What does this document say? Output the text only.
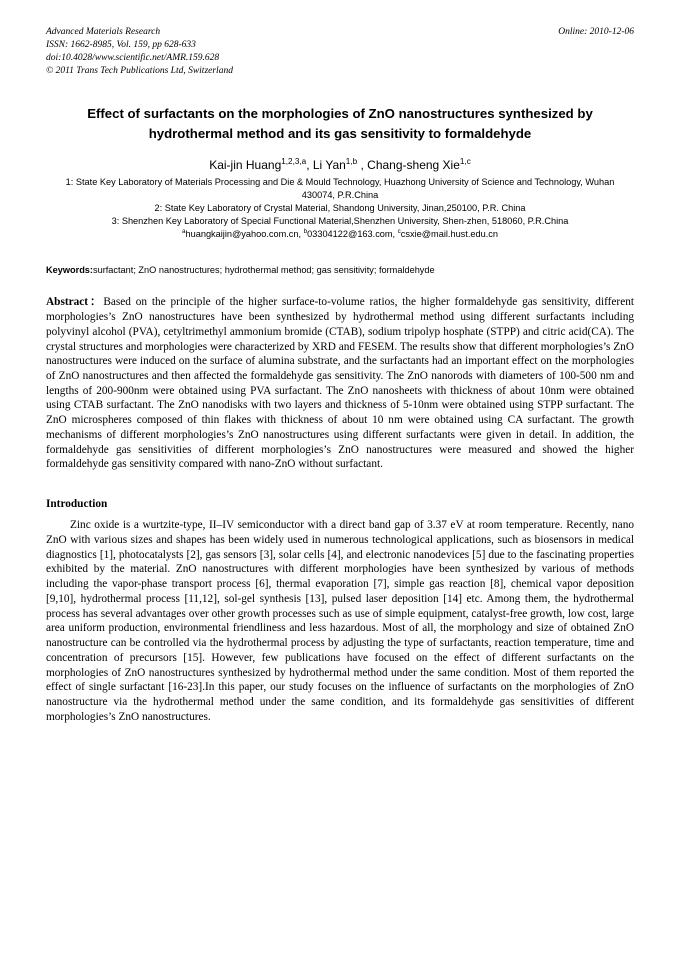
Advanced Materials Research	Online: 2010-12-06
ISSN: 1662-8985, Vol. 159, pp 628-633
doi:10.4028/www.scientific.net/AMR.159.628
© 2011 Trans Tech Publications Ltd, Switzerland
Effect of surfactants on the morphologies of ZnO nanostructures synthesized by hydrothermal method and its gas sensitivity to formaldehyde
Kai-jin Huang$^{1,2,3,a}$, Li Yan$^{1,b}$ , Chang-sheng Xie$^{1,c}$
1: State Key Laboratory of Materials Processing and Die & Mould Technology, Huazhong University of Science and Technology, Wuhan 430074, P.R.China
2: State Key Laboratory of Crystal Material, Shandong University, Jinan,250100, P.R. China
3: Shenzhen Key Laboratory of Special Functional Material,Shenzhen University, Shen-zhen, 518060, P.R.China
$^a$huangkaijin@yahoo.com.cn, $^b$03304122@163.com, $^c$csxie@mail.hust.edu.cn
Keywords:surfactant; ZnO nanostructures; hydrothermal method; gas sensitivity; formaldehyde
Abstract：Based on the principle of the higher surface-to-volume ratios, the higher formaldehyde gas sensitivity, different morphologies’s ZnO nanostructures have been synthesized by hydrothermal method using different surfactants including polyvinyl alcohol (PVA), cetyltrimethyl ammonium bromide (CTAB), sodium tripolyp hosphate (STPP) and citric acid(CA). The crystal structures and morphologies were characterized by XRD and FESEM. The results show that different morphologies’s ZnO nanostructures were induced on the surface of alumina substrate, and the surfactants had an important effect on the morphologies of ZnO nanostructures and then affected the formaldehyde gas sensitivity. The ZnO nanorods with diameters of 100-500 nm and lengths of 200-900nm were obtained using PVA surfactant. The ZnO nanosheets with thickness of about 10nm were obtained using CTAB surfactant. The ZnO nanodisks with two layers and thickness of 5-10nm were obtained using STPP surfactant. The ZnO microspheres composed of thin flakes with thickness of about 10 nm were obtained using CA surfactant. The growth mechanisms of different morphologies’s ZnO nanostructures using different surfactants were given in detail. In addition, the formaldehyde gas sensitivities of different morphologies’s ZnO nanostructures were measured and showed the higher formaldehyde gas sensitivity compared with nano-ZnO without surfactant.
Introduction
Zinc oxide is a wurtzite-type, II–IV semiconductor with a direct band gap of 3.37 eV at room temperature. Recently, nano ZnO with various sizes and shapes has been widely used in numerous technological applications, such as biosensors in medical diagnostics [1], photocatalysts [2], gas sensors [3], solar cells [4], and electronic nanodevices [5] due to the fascinating properties exhibited by the material. ZnO nanostructures with different morphologies have been synthesized by various of methods including the vapor-phase transport process [6], thermal evaporation [7], simple gas reaction [8], chemical vapor deposition [9,10], hydrothermal process [11,12], sol-gel synthesis [13], pulsed laser deposition [14] etc. Among them, the hydrothermal process has several advantages over other growth processes such as use of simple equipment, catalyst-free growth, low cost, large area uniform production, environmental friendliness and less hazardous. Most of all, the morphology and size of obtained ZnO nanostructure can be controlled via the hydrothermal process by adjusting the type of surfactants, reaction temperature, time and concentration of precursors [15]. However, few publications have focused on the effect of different surfactants on the morphologies of ZnO nanostructures synthesized by hydrothermal method under the same condition. Most of them reported the effect of single surfactant [16-23].In this paper, our study focuses on the influence of surfactants on the morphologies of ZnO nanostructure via the hydrothermal method under the same condition, and its formaldehyde gas sensitivities of different morphologies’s ZnO nanostructures.
